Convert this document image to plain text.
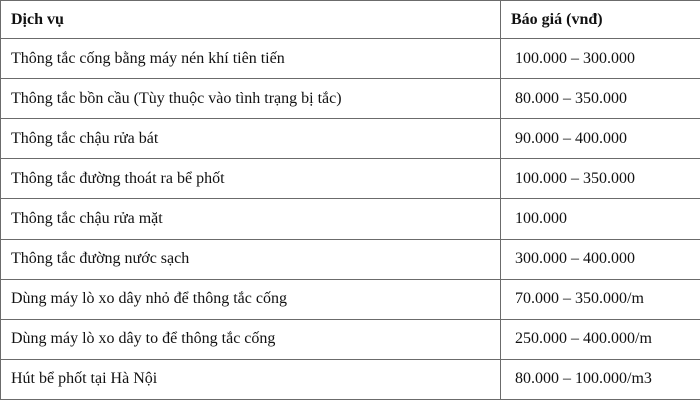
Dịch vụ	Báo giá (vnđ)
Thông tắc cống bằng máy nén khí tiên tiến	100.000 – 300.000
Thông tắc bồn cầu (Tùy thuộc vào tình trạng bị tắc)	80.000 – 350.000
Thông tắc chậu rửa bát	90.000 – 400.000
Thông tắc đường thoát ra bể phốt	100.000 – 350.000
Thông tắc chậu rửa mặt	100.000
Thông tắc đường nước sạch	300.000 – 400.000
Dùng máy lò xo dây nhỏ để thông tắc cống	70.000 – 350.000/m
Dùng máy lò xo dây to để thông tắc cống	250.000 – 400.000/m
Hút bể phốt tại Hà Nội	80.000 – 100.000/m3
